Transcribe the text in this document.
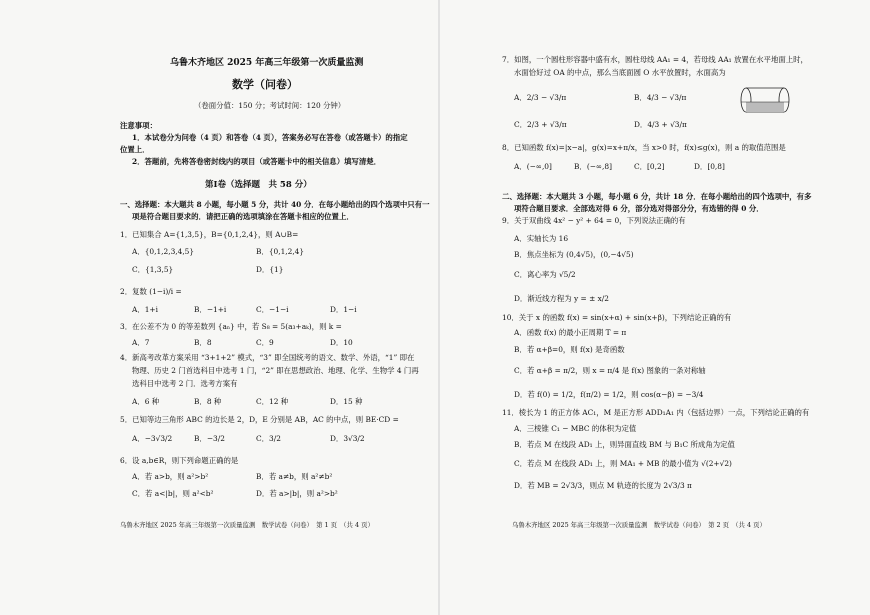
乌鲁木齐地区 2025 年高三年级第一次质量监测
数学（问卷）
（卷面分值：150 分；考试时间：120 分钟）
注意事项：
1．本试卷分为问卷（4 页）和答卷（4 页），答案务必写在答卷（或答题卡）的指定
位置上．
2．答题前，先将答卷密封线内的项目（或答题卡中的相关信息）填写清楚．
第Ⅰ卷（选择题　共 58 分）
一、选择题：本大题共 8 小题，每小题 5 分，共计 40 分．在每小题给出的四个选项中只有一
项是符合题目要求的．请把正确的选项填涂在答题卡相应的位置上．
1．已知集合 A={1,3,5}，B={0,1,2,4}，则 A∪B=
A．{0,1,2,3,4,5}	B．{0,1,2,4}
C．{1,3,5}	D．{1}
2．复数 (1−i)/i =
A．1+i	B．−1+i	C．−1−i	D．1−i
3．在公差不为 0 的等差数列 {aₙ} 中，若 S₈ = 5(a₃+aₖ)，则 k =
A．7	B．8	C．9	D．10
4．新高考改革方案采用 “3+1+2” 模式，“3” 即全国统考的语文、数学、外语，“1” 即在
物理、历史 2 门首选科目中选考 1 门，“2” 即在思想政治、地理、化学、生物学 4 门再
选科目中选考 2 门．选考方案有
A．6 种	B．8 种	C．12 种	D．15 种
5．已知等边三角形 ABC 的边长是 2，D，E 分别是 AB，AC 的中点，则 BE·CD =
A．−3√3/2	B．−3/2	C．3/2	D．3√3/2
6．设 a,b∈R，则下列命题正确的是
A．若 a>b，则 a²>b²	B．若 a≠b，则 a²≠b²
C．若 a<|b|，则 a²<b²	D．若 a>|b|，则 a²>b²
乌鲁木齐地区 2025 年高三年级第一次质量监测　数学试卷（问卷）　第 1 页　（共 4 页）
7．如图，一个圆柱形容器中盛有水，圆柱母线 AA₁ = 4，若母线 AA₁ 放置在水平地面上时，
水面恰好过 OA 的中点，那么当底面圆 O 水平放置时，水面高为
A．2/3 − √3/π	B．4/3 − √3/π
C．2/3 + √3/π	D．4/3 + √3/π
8．已知函数 f(x)=|x−a|，g(x)=x+π/x，当 x>0 时，f(x)≤g(x)，则 a 的取值范围是
A．(−∞,0]	B．(−∞,8]	C．[0,2]	D．[0,8]
二、选择题：本大题共 3 小题，每小题 6 分，共计 18 分．在每小题给出的四个选项中，有多
项符合题目要求．全部选对得 6 分，部分选对得部分分，有选错的得 0 分．
9．关于双曲线 4x² − y² + 64 = 0，下列说法正确的有
A．实轴长为 16
B．焦点坐标为 (0,4√5)，(0,−4√5)
C．离心率为 √5/2
D．渐近线方程为 y = ± x/2
10．关于 x 的函数 f(x) = sin(x+α) + sin(x+β)，下列结论正确的有
A．函数 f(x) 的最小正周期 T = π
B．若 α+β=0，则 f(x) 是奇函数
C．若 α+β = π/2，则 x = π/4 是 f(x) 图象的一条对称轴
D．若 f(0) = 1/2，f(π/2) = 1/2，则 cos(α−β) = −3/4
11．棱长为 1 的正方体 AC₁，M 是正方形 ADD₁A₁ 内（包括边界）一点，下列结论正确的有
A．三棱锥 C₁ − MBC 的体积为定值
B．若点 M 在线段 AD₁ 上，则异面直线 BM 与 B₁C 所成角为定值
C．若点 M 在线段 AD₁ 上，则 MA₁ + MB 的最小值为 √(2+√2)
D．若 MB = 2√3/3，则点 M 轨迹的长度为 2√3/3 π
乌鲁木齐地区 2025 年高三年级第一次质量监测　数学试卷（问卷）　第 2 页　（共 4 页）
